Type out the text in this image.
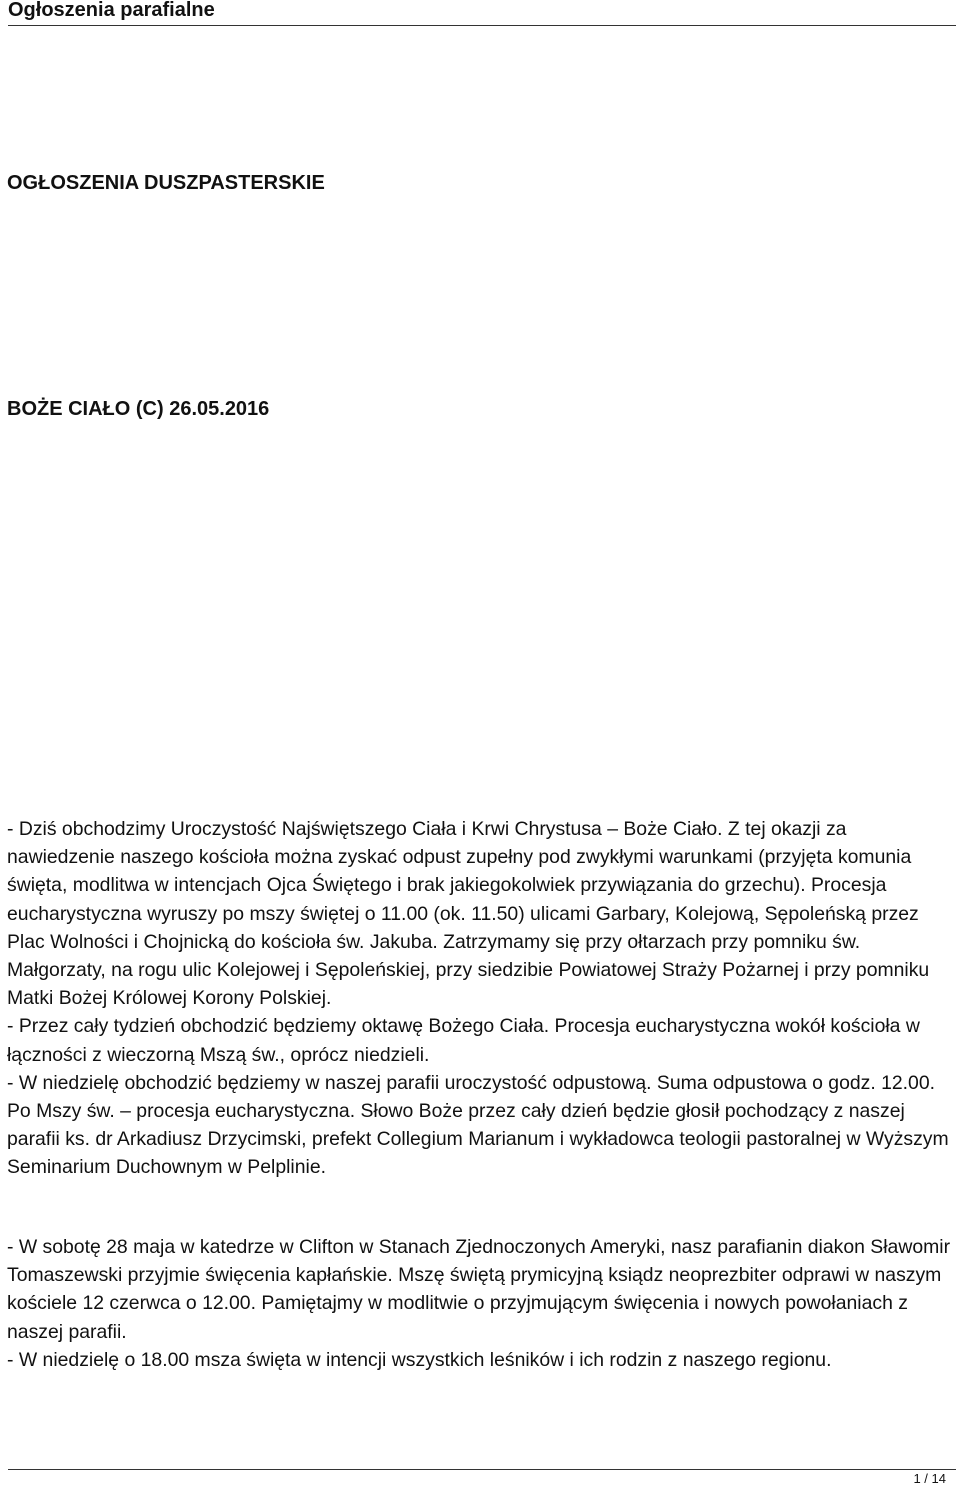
Ogłoszenia parafialne
OGŁOSZENIA DUSZPASTERSKIE
BOŻE CIAŁO (C) 26.05.2016

- Dziś obchodzimy Uroczystość Najświętszego Ciała i Krwi Chrystusa – Boże Ciało. Z tej okazji za nawiedzenie naszego kościoła można zyskać odpust zupełny pod zwykłymi warunkami (przyjęta komunia święta, modlitwa w intencjach Ojca Świętego i brak jakiegokolwiek przywiązania do grzechu). Procesja eucharystyczna wyruszy po mszy świętej o 11.00 (ok. 11.50) ulicami Garbary, Kolejową, Sępoleńską przez Plac Wolności i Chojnicką do kościoła św. Jakuba. Zatrzymamy się przy ołtarzach przy pomniku św. Małgorzaty, na rogu ulic Kolejowej i Sępoleńskiej, przy siedzibie Powiatowej Straży Pożarnej i przy pomniku Matki Bożej Królowej Korony Polskiej.

- Przez cały tydzień obchodzić będziemy oktawę Bożego Ciała. Procesja eucharystyczna wokół kościoła w łączności z wieczorną Mszą św., oprócz niedzieli.

- W niedzielę obchodzić będziemy w naszej parafii uroczystość odpustową. Suma odpustowa o godz. 12.00. Po Mszy św. – procesja eucharystyczna. Słowo Boże przez cały dzień będzie głosił pochodzący z naszej parafii ks. dr Arkadiusz Drzycimski, prefekt Collegium Marianum i wykładowca teologii pastoralnej w Wyższym Seminarium Duchownym w Pelplinie.

- W sobotę 28 maja w katedrze w Clifton w Stanach Zjednoczonych Ameryki, nasz parafianin diakon Sławomir Tomaszewski przyjmie święcenia kapłańskie. Mszę świętą prymicyjną ksiądz neoprezbiter odprawi w naszym kościele 12 czerwca o 12.00. Pamiętajmy w modlitwie o przyjmującym święcenia i nowych powołaniach z naszej parafii.

- W niedzielę o 18.00 msza święta w intencji wszystkich leśników i ich rodzin z naszego regionu.

1 / 14
